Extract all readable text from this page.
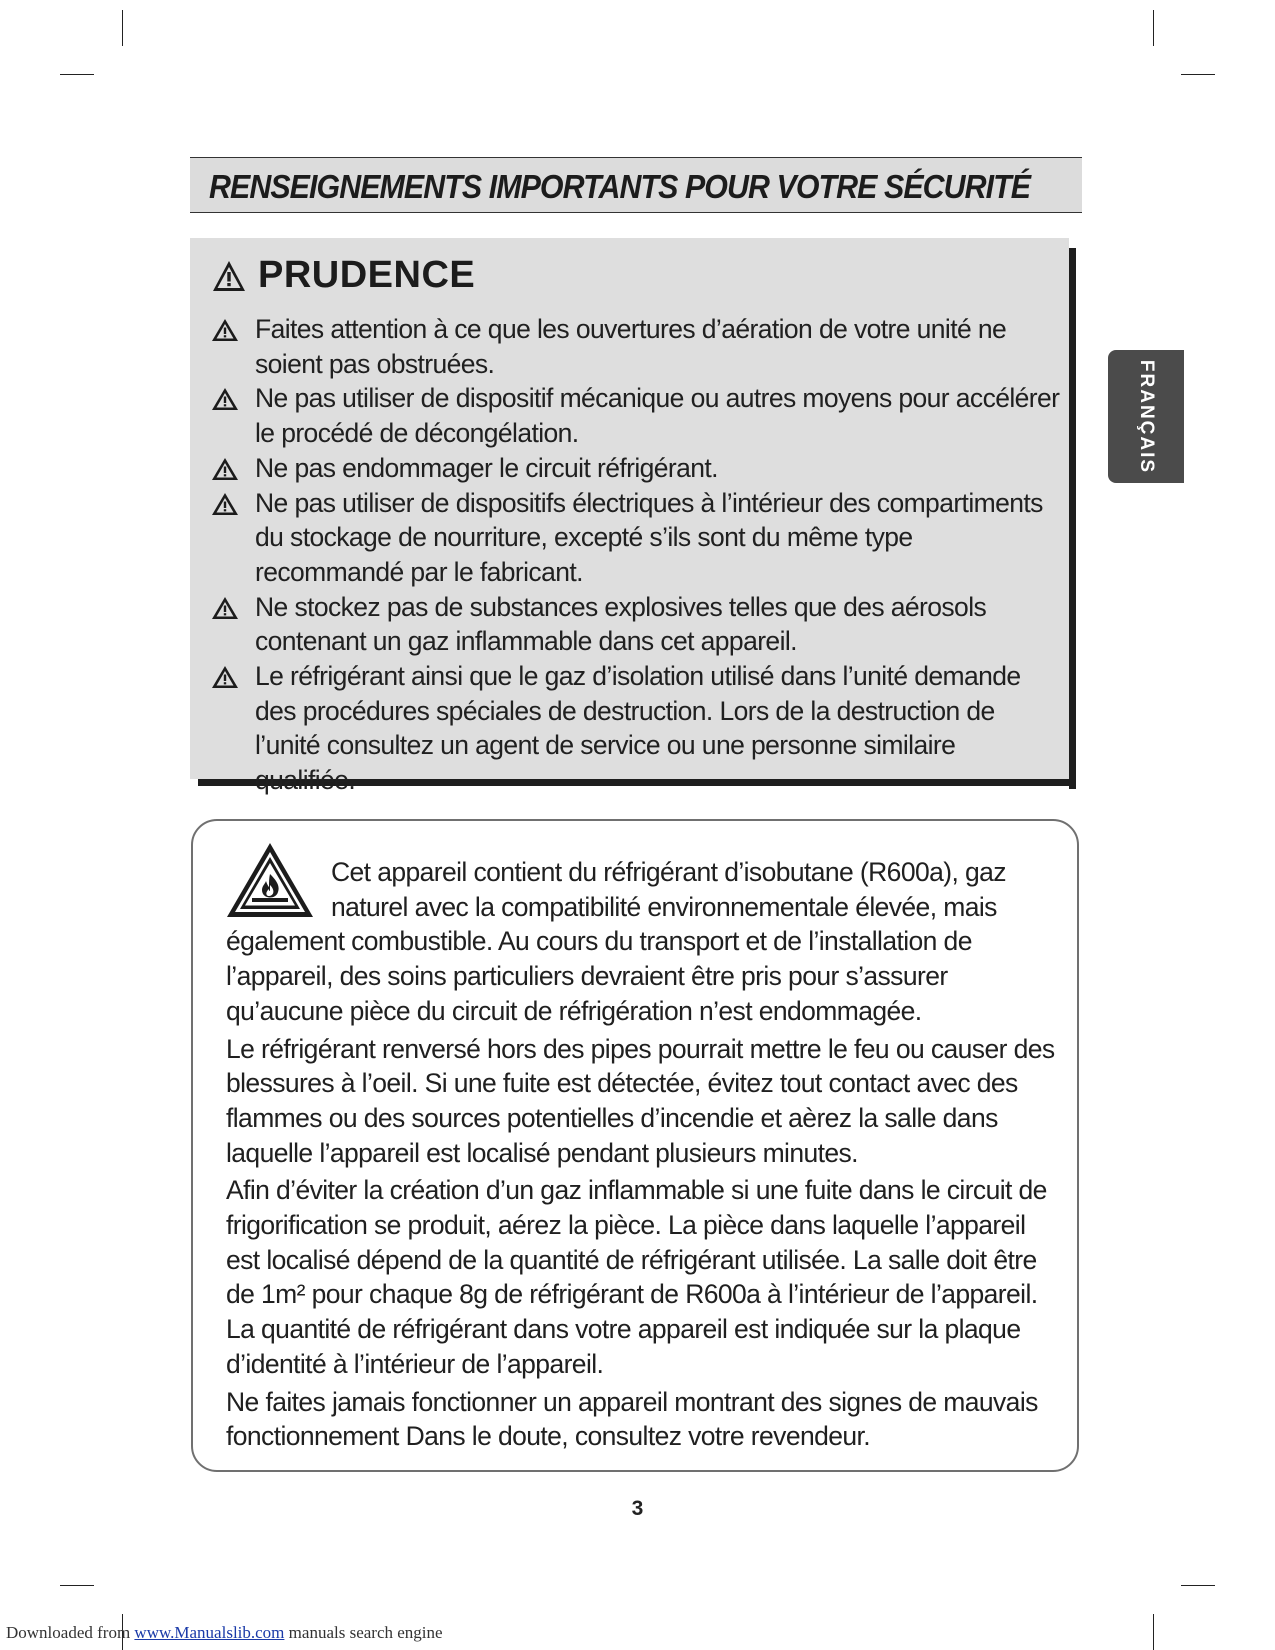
RENSEIGNEMENTS IMPORTANTS POUR VOTRE SÉCURITÉ
FRANÇAIS
PRUDENCE
Faites attention à ce que les ouvertures d’aération de votre unité ne soient pas obstruées.
Ne pas utiliser de dispositif mécanique ou autres moyens pour accélérer le procédé de décongélation.
Ne pas endommager le circuit réfrigérant.
Ne pas utiliser de dispositifs électriques à l’intérieur des compartiments du stockage de nourriture, excepté s’ils sont du même type recommandé par le fabricant.
Ne stockez pas de substances explosives telles que des aérosols contenant un gaz inflammable dans cet appareil.
Le réfrigérant ainsi que le gaz d’isolation utilisé dans l’unité demande des procédures spéciales de destruction. Lors de la destruction de l’unité consultez un agent de service ou une personne similaire qualifiée.

Cet appareil contient du réfrigérant d’isobutane (R600a), gaz naturel avec la compatibilité environnementale élevée, mais également combustible. Au cours du transport et de l’installation de l’appareil, des soins particuliers devraient être pris pour s’assurer qu’aucune pièce du circuit de réfrigération n’est endommagée.

Le réfrigérant renversé hors des pipes pourrait mettre le feu ou causer des blessures à l’oeil. Si une fuite est détectée, évitez tout contact avec des flammes ou des sources potentielles d’incendie et aèrez la salle dans laquelle l’appareil est localisé pendant plusieurs minutes.

Afin d’éviter la création d’un gaz inflammable si une fuite dans le circuit de frigorification se produit, aérez la pièce. La pièce dans laquelle l’appareil est localisé dépend de la quantité de réfrigérant utilisée. La salle doit être de 1m² pour chaque 8g de réfrigérant de R600a à l’intérieur de l’appareil. La quantité de réfrigérant dans votre appareil est indiquée sur la plaque d’identité à l’intérieur de l’appareil.

Ne faites jamais fonctionner un appareil montrant des signes de mauvais fonctionnement Dans le doute, consultez votre revendeur.

3
Downloaded from www.Manualslib.com manuals search engine
